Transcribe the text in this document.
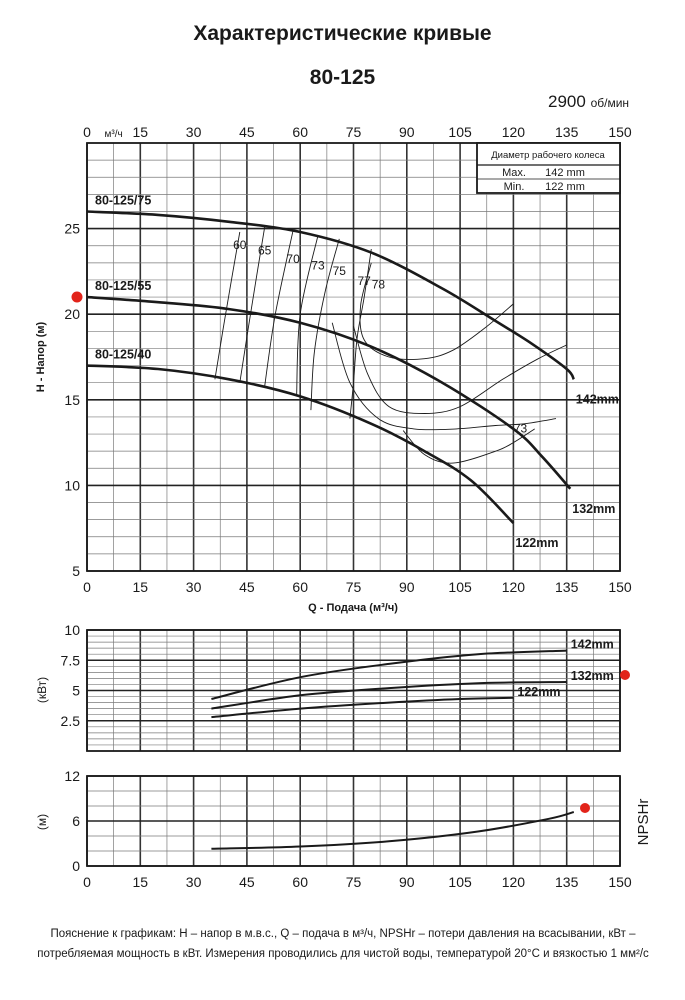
Характеристические кривые
80-125
2900 об/мин
0	15	30	45	60	75	90 105 120 135 150
5
10
15
20
25
15	30	45	60	75	90 105 120 135 150
0 м³/ч
Q - Подача (м³/ч)
H - Напор (м)
60 65
70 73 75
77 78
73
80-125/75
142mm
80-125/55
132mm
80-125/40
122mm
Диаметр рабочего колеса
Max. 142 mm
Min. 122 mm
2.5
5
7.5
10
(кВт)
142mm
132mm
122mm
0
6
12
0	15	30	45	60	75	90 105 120 135 150
(м)	NPSHr
Пояснение к графикам: H – напор в м.в.с., Q – подача в м³/ч, NPSHr – потери давления на всасывании, кВт – потребляемая мощность в кВт. Измерения проводились для чистой воды, температурой 20°C и вязкостью 1 мм²/с
